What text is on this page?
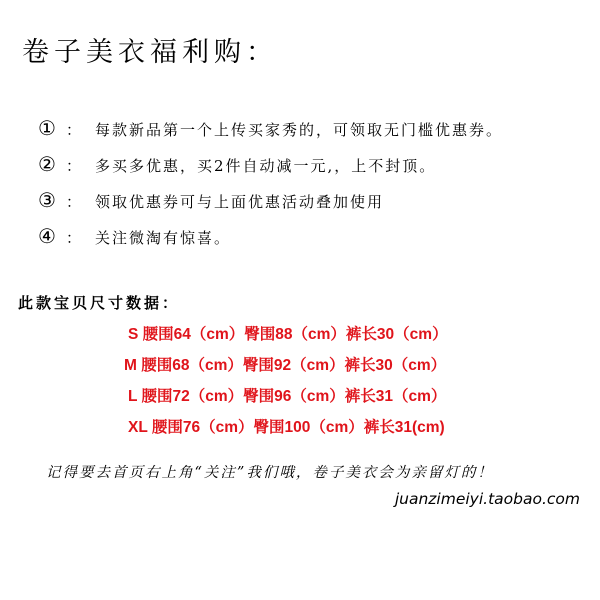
卷子美衣福利购：
① ： 每款新品第一个上传买家秀的，可领取无门槛优惠券。
② ： 多买多优惠，买2件自动减一元,，上不封顶。
③ ： 领取优惠券可与上面优惠活动叠加使用
④ ： 关注微淘有惊喜。
此款宝贝尺寸数据：
S 腰围64（cm）臀围88（cm）裤长30（cm）
M 腰围68（cm）臀围92（cm）裤长30（cm）
L 腰围72（cm）臀围96（cm）裤长31（cm）
XL 腰围76（cm）臀围100（cm）裤长31(cm)
记得要去首页右上角“关注”我们哦，卷子美衣会为亲留灯的！
juanzimeiyi.taobao.com
